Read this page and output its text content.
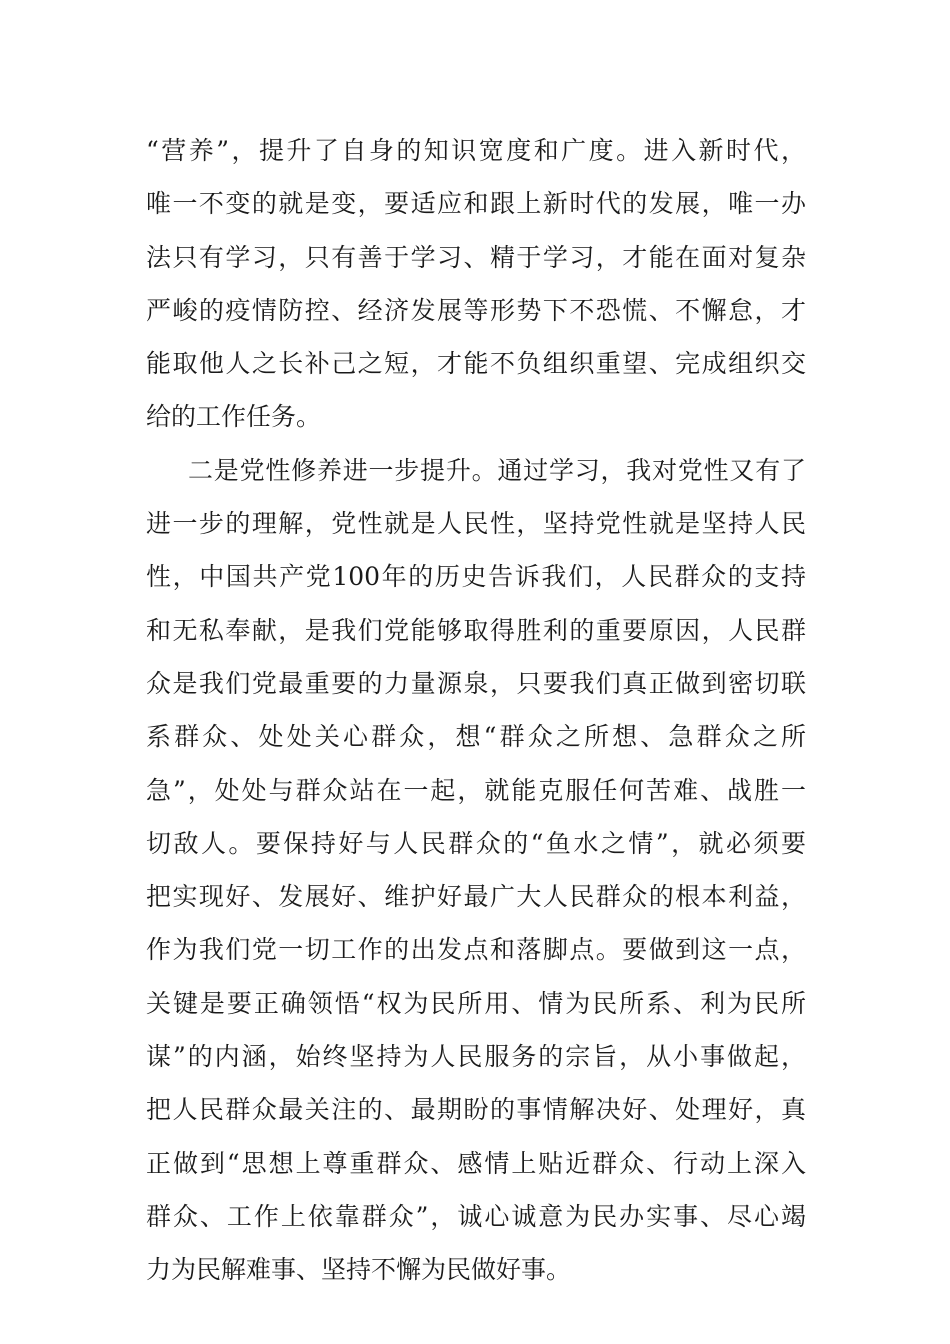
“营养”，提升了自身的知识宽度和广度。进入新时代，
唯一不变的就是变，要适应和跟上新时代的发展，唯一办
法只有学习，只有善于学习、精于学习，才能在面对复杂
严峻的疫情防控、经济发展等形势下不恐慌、不懈怠，才
能取他人之长补己之短，才能不负组织重望、完成组织交
给的工作任务。
二是党性修养进一步提升。通过学习，我对党性又有了
进一步的理解，党性就是人民性，坚持党性就是坚持人民
性，中国共产党100年的历史告诉我们，人民群众的支持
和无私奉献，是我们党能够取得胜利的重要原因，人民群
众是我们党最重要的力量源泉，只要我们真正做到密切联
系群众、处处关心群众，想“群众之所想、急群众之所
急”，处处与群众站在一起，就能克服任何苦难、战胜一
切敌人。要保持好与人民群众的“鱼水之情”，就必须要
把实现好、发展好、维护好最广大人民群众的根本利益，
作为我们党一切工作的出发点和落脚点。要做到这一点，
关键是要正确领悟“权为民所用、情为民所系、利为民所
谋”的内涵，始终坚持为人民服务的宗旨，从小事做起，
把人民群众最关注的、最期盼的事情解决好、处理好，真
正做到“思想上尊重群众、感情上贴近群众、行动上深入
群众、工作上依靠群众”，诚心诚意为民办实事、尽心竭
力为民解难事、坚持不懈为民做好事。
